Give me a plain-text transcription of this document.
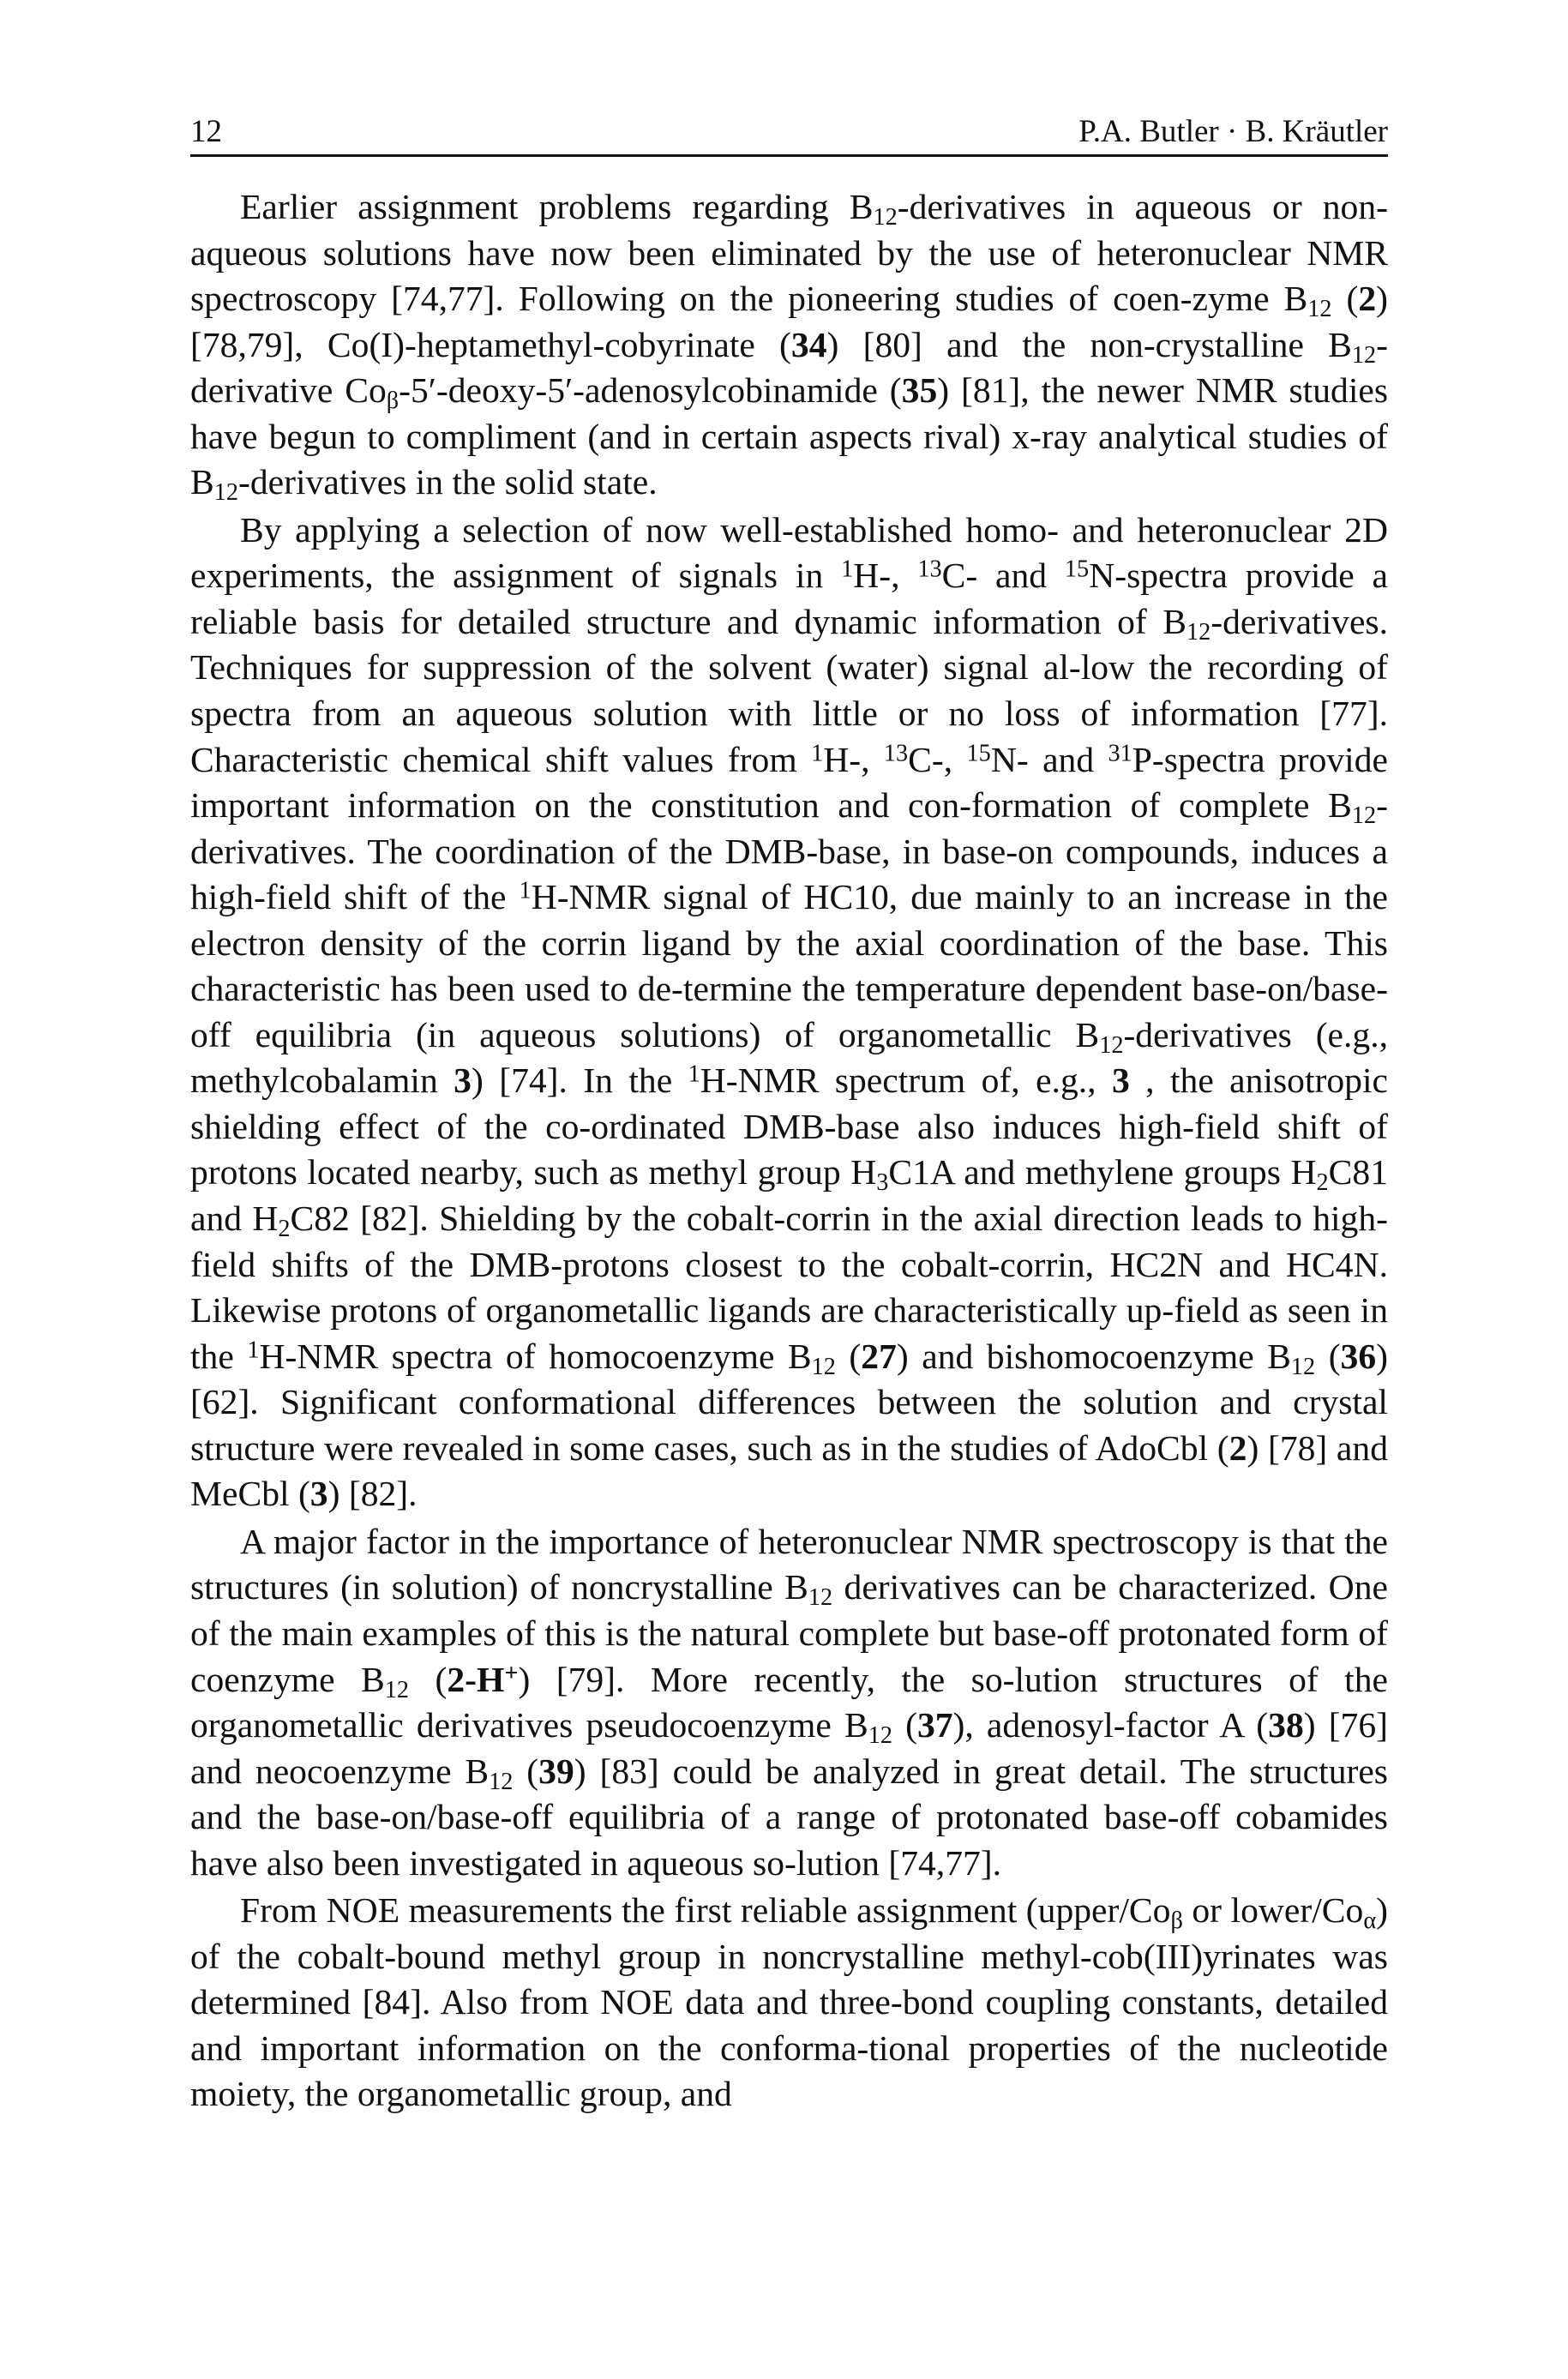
12	P.A. Butler · B. Kräutler

Earlier assignment problems regarding $B_{12}$-derivatives in aqueous or non-aqueous solutions have now been eliminated by the use of heteronuclear NMR spectroscopy [74,77]. Following on the pioneering studies of coen-zyme $B_{12}$ (2) [78,79], Co(I)-heptamethyl-cobyrinate (34) [80] and the non-crystalline $B_{12}$-derivative $Co_\beta-5'-deoxy-5'$-adenosylcobinamide (35) [81], the newer NMR studies have begun to compliment (and in certain aspects rival) x-ray analytical studies of $B_{12}$-derivatives in the solid state.

By applying a selection of now well-established homo- and heteronuclear 2D experiments, the assignment of signals in $^1$H-, $^{13}$C- and $^{15}$N-spectra provide a reliable basis for detailed structure and dynamic information of $B_{12}$-derivatives. Techniques for suppression of the solvent (water) signal al-low the recording of spectra from an aqueous solution with little or no loss of information [77]. Characteristic chemical shift values from $^1$H-, $^{13}$C-, $^{15}$N- and $^{31}$P-spectra provide important information on the constitution and con-formation of complete $B_{12}$-derivatives. The coordination of the DMB-base, in base-on compounds, induces a high-field shift of the $^1$H-NMR signal of HC10, due mainly to an increase in the electron density of the corrin ligand by the axial coordination of the base. This characteristic has been used to de-termine the temperature dependent base-on/base-off equilibria (in aqueous solutions) of organometallic $B_{12}$-derivatives (e.g., methylcobalamin 3) [74]. In the $^1$H-NMR spectrum of, e.g., 3 , the anisotropic shielding effect of the co-ordinated DMB-base also induces high-field shift of protons located nearby, such as methyl group $H_3C1A$ and methylene groups $H_2C81$ and $H_2C82$ [82]. Shielding by the cobalt-corrin in the axial direction leads to high-field shifts of the DMB-protons closest to the cobalt-corrin, HC2N and HC4N. Likewise protons of organometallic ligands are characteristically up-field as seen in the $^1$H-NMR spectra of homocoenzyme $B_{12}$ (27) and bishomocoenzyme $B_{12}$ (36) [62]. Significant conformational differences between the solution and crystal structure were revealed in some cases, such as in the studies of AdoCbl (2) [78] and MeCbl (3) [82].

A major factor in the importance of heteronuclear NMR spectroscopy is that the structures (in solution) of noncrystalline $B_{12}$ derivatives can be characterized. One of the main examples of this is the natural complete but base-off protonated form of coenzyme $B_{12}$ (2-H+) [79]. More recently, the so-lution structures of the organometallic derivatives pseudocoenzyme $B_{12}$ (37), adenosyl-factor A (38) [76] and neocoenzyme $B_{12}$ (39) [83] could be analyzed in great detail. The structures and the base-on/base-off equilibria of a range of protonated base-off cobamides have also been investigated in aqueous so-lution [74,77].

From NOE measurements the first reliable assignment ($upper/Co_\beta$ or lower/$Co_\alpha$) of the cobalt-bound methyl group in noncrystalline methyl-cob(III)yrinates was determined [84]. Also from NOE data and three-bond coupling constants, detailed and important information on the conforma-tional properties of the nucleotide moiety, the organometallic group, and
